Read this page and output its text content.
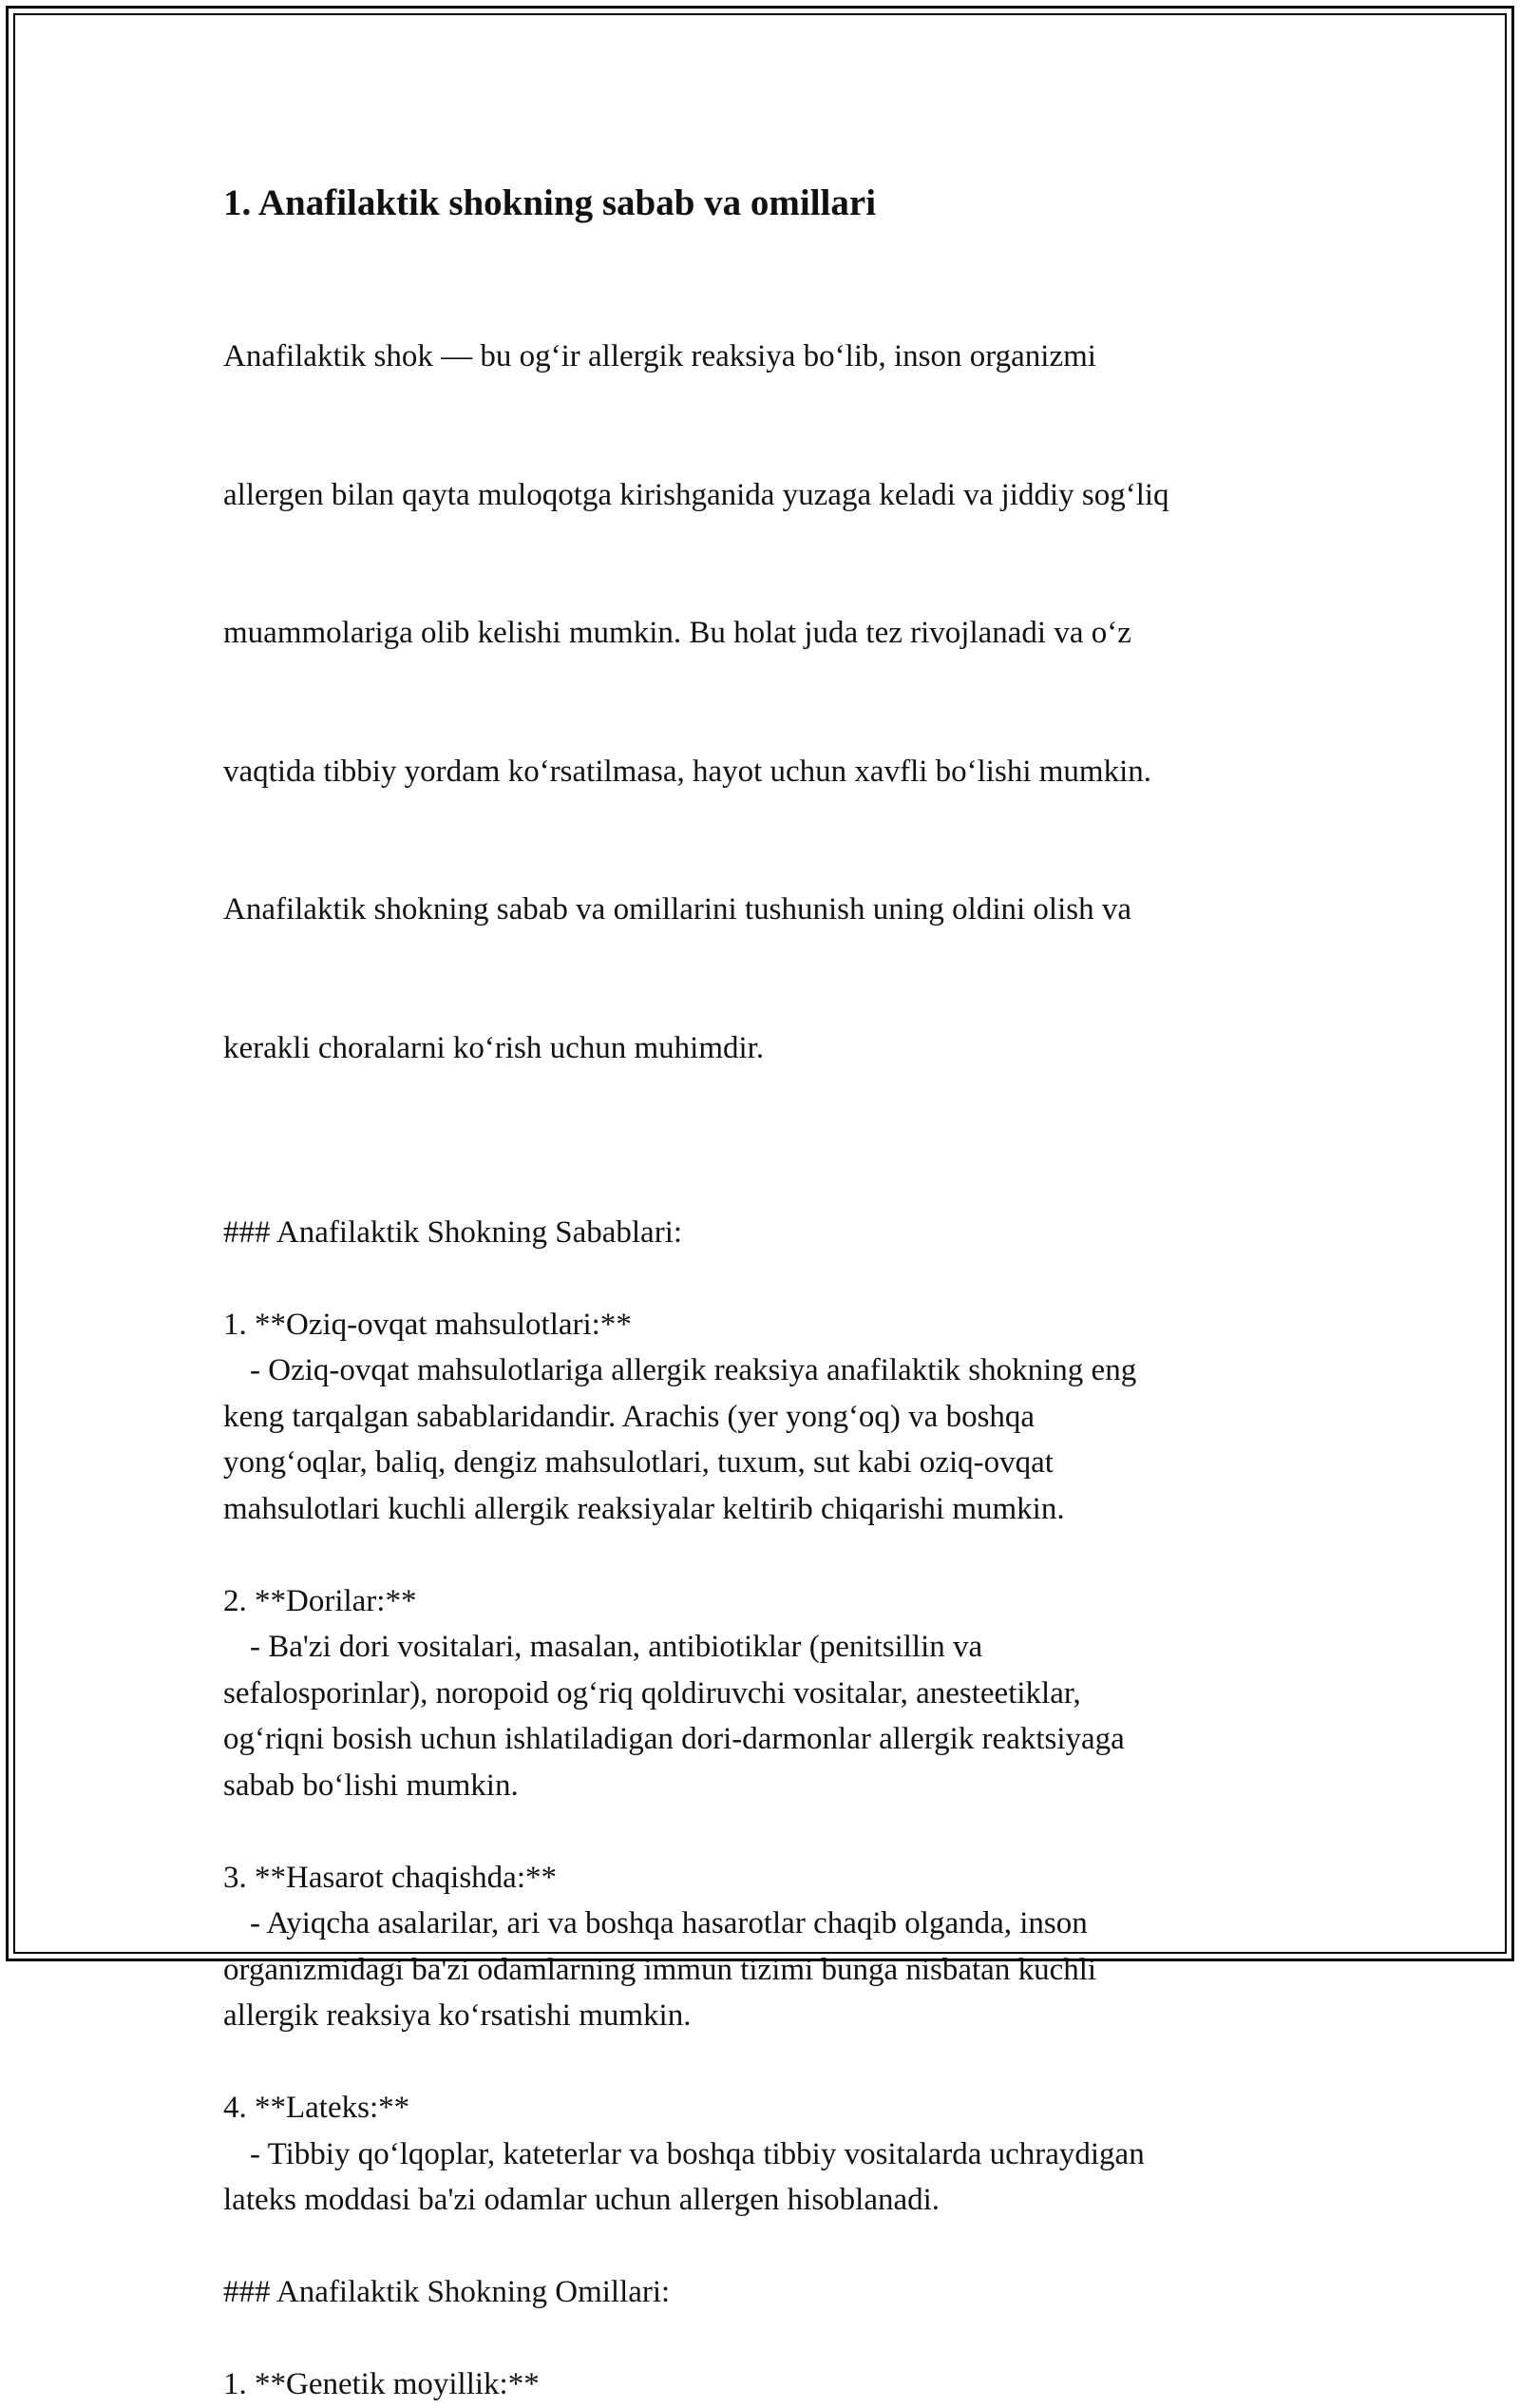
1. Anafilaktik shokning sabab va omillari

Anafilaktik shok — bu og‘ir allergik reaksiya bo‘lib, inson organizmi

allergen bilan qayta muloqotga kirishganida yuzaga keladi va jiddiy sog‘liq

muammolariga olib kelishi mumkin. Bu holat juda tez rivojlanadi va o‘z

vaqtida tibbiy yordam ko‘rsatilmasa, hayot uchun xavfli bo‘lishi mumkin.

Anafilaktik shokning sabab va omillarini tushunish uning oldini olish va

kerakli choralarni ko‘rish uchun muhimdir.

### Anafilaktik Shokning Sabablari:
1. **Oziq-ovqat mahsulotlari:**
- Oziq-ovqat mahsulotlariga allergik reaksiya anafilaktik shokning eng
keng tarqalgan sabablaridandir. Arachis (yer yong‘oq) va boshqa
yong‘oqlar, baliq, dengiz mahsulotlari, tuxum, sut kabi oziq-ovqat
mahsulotlari kuchli allergik reaksiyalar keltirib chiqarishi mumkin.
2. **Dorilar:**
- Ba'zi dori vositalari, masalan, antibiotiklar (penitsillin va
sefalosporinlar), noropoid og‘riq qoldiruvchi vositalar, anesteetiklar,
og‘riqni bosish uchun ishlatiladigan dori-darmonlar allergik reaktsiyaga
sabab bo‘lishi mumkin.
3. **Hasarot chaqishda:**
- Ayiqcha asalarilar, ari va boshqa hasarotlar chaqib olganda, inson
organizmidagi ba'zi odamlarning immun tizimi bunga nisbatan kuchli
allergik reaksiya ko‘rsatishi mumkin.
4. **Lateks:**
- Tibbiy qo‘lqoplar, kateterlar va boshqa tibbiy vositalarda uchraydigan
lateks moddasi ba'zi odamlar uchun allergen hisoblanadi.
### Anafilaktik Shokning Omillari:
1. **Genetik moyillik:**
